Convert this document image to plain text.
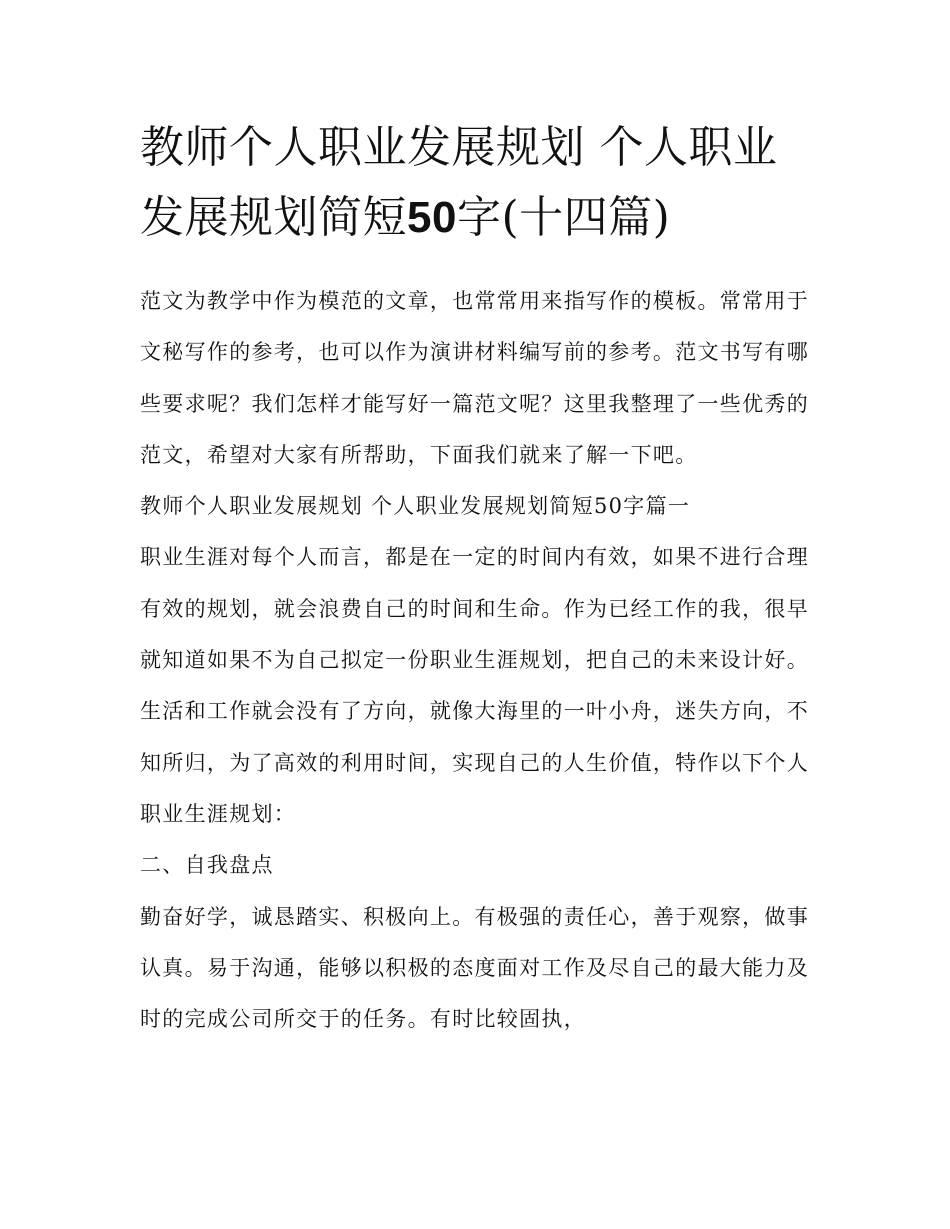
教师个人职业发展规划 个人职业发展规划简短50字(十四篇)

范文为教学中作为模范的文章，也常常用来指写作的模板。常常用于文秘写作的参考，也可以作为演讲材料编写前的参考。范文书写有哪些要求呢？我们怎样才能写好一篇范文呢？这里我整理了一些优秀的范文，希望对大家有所帮助，下面我们就来了解一下吧。

教师个人职业发展规划 个人职业发展规划简短50字篇一

职业生涯对每个人而言，都是在一定的时间内有效，如果不进行合理有效的规划，就会浪费自己的时间和生命。作为已经工作的我，很早就知道如果不为自己拟定一份职业生涯规划，把自己的未来设计好。生活和工作就会没有了方向，就像大海里的一叶小舟，迷失方向，不知所归，为了高效的利用时间，实现自己的人生价值，特作以下个人职业生涯规划：

二、自我盘点

勤奋好学，诚恳踏实、积极向上。有极强的责任心，善于观察，做事认真。易于沟通，能够以积极的态度面对工作及尽自己的最大能力及时的完成公司所交于的任务。有时比较固执，
